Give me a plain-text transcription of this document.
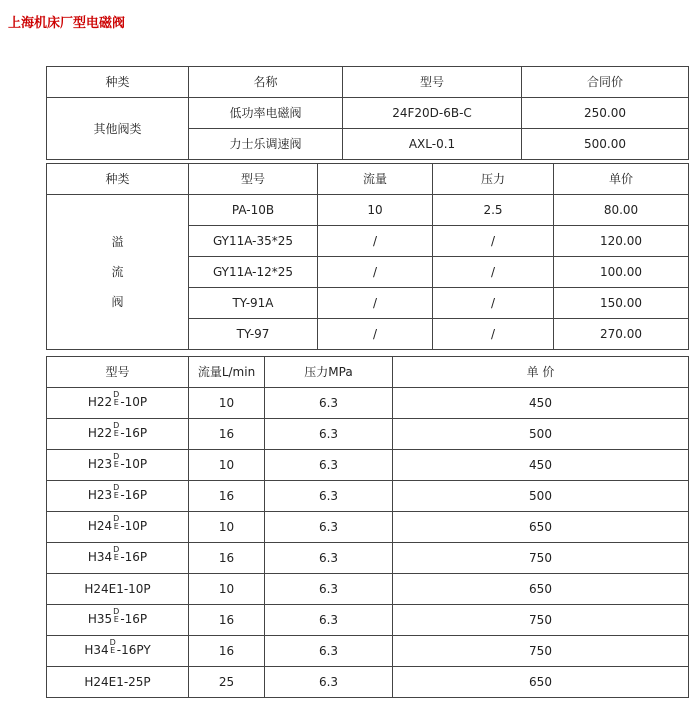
上海机床厂型电磁阀
种类	名称	型号	合同价
其他阀类	低功率电磁阀	24F20D-6B-C	250.00
	力士乐调速阀	AXL-0.1	500.00
种类	型号	流量	压力	单价

溢
流
阀	PA-10B	10	2.5	80.00
	GY11A-35*25	/	/	120.00
	GY11A-12*25	/	/	100.00
	TY-91A	/	/	150.00
	TY-97	/	/	270.00
型号	流量L/min	压力MPa	单 价
H22
D
E -10P	10	6.3	450
H22
D
E -16P	16	6.3	500
H23
D
E -10P	10	6.3	450
H23
D
E -16P	16	6.3	500
H24
D
E -10P	10	6.3	650
H34
D
E -16P	16	6.3	750
H24E1-10P	10	6.3	650
H35
D
E -16P	16	6.3	750
H34
D
E -16PY	16	6.3	750
H24E1-25P	25	6.3	650
